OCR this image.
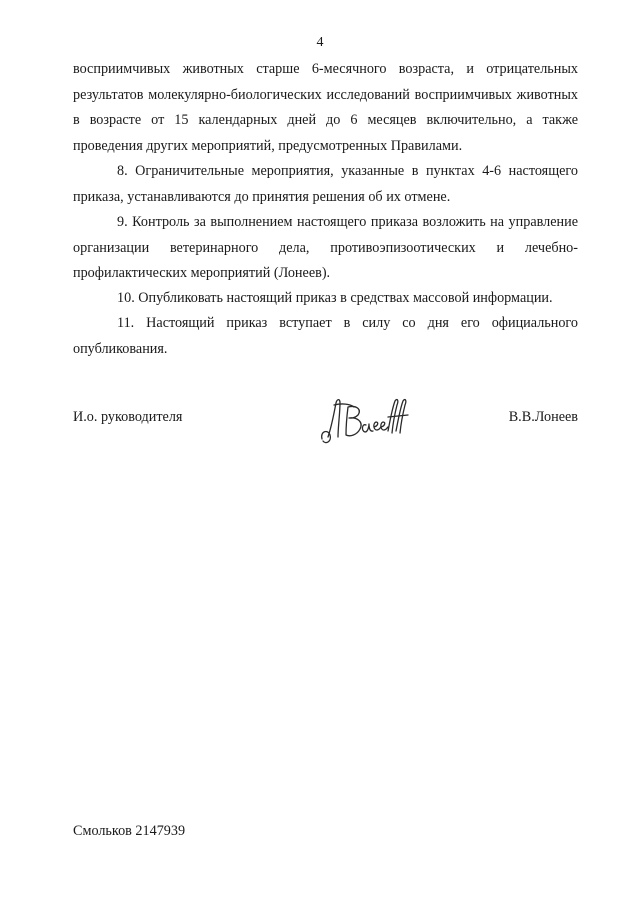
4

восприимчивых животных старше 6-месячного возраста, и отрицательных результатов молекулярно-биологических исследований восприимчивых животных в возрасте от 15 календарных дней до 6 месяцев включительно, а также проведения других мероприятий, предусмотренных Правилами.

8. Ограничительные мероприятия, указанные в пунктах 4-6 настоящего приказа, устанавливаются до принятия решения об их отмене.

9. Контроль за выполнением настоящего приказа возложить на управление организации ветеринарного дела, противоэпизоотических и лечебно-профилактических мероприятий (Лонеев).

10. Опубликовать настоящий приказ в средствах массовой информации.

11. Настоящий приказ вступает в силу со дня его официального опубликования.

И.о. руководителя	В.В.Лонеев
Смольков 2147939
